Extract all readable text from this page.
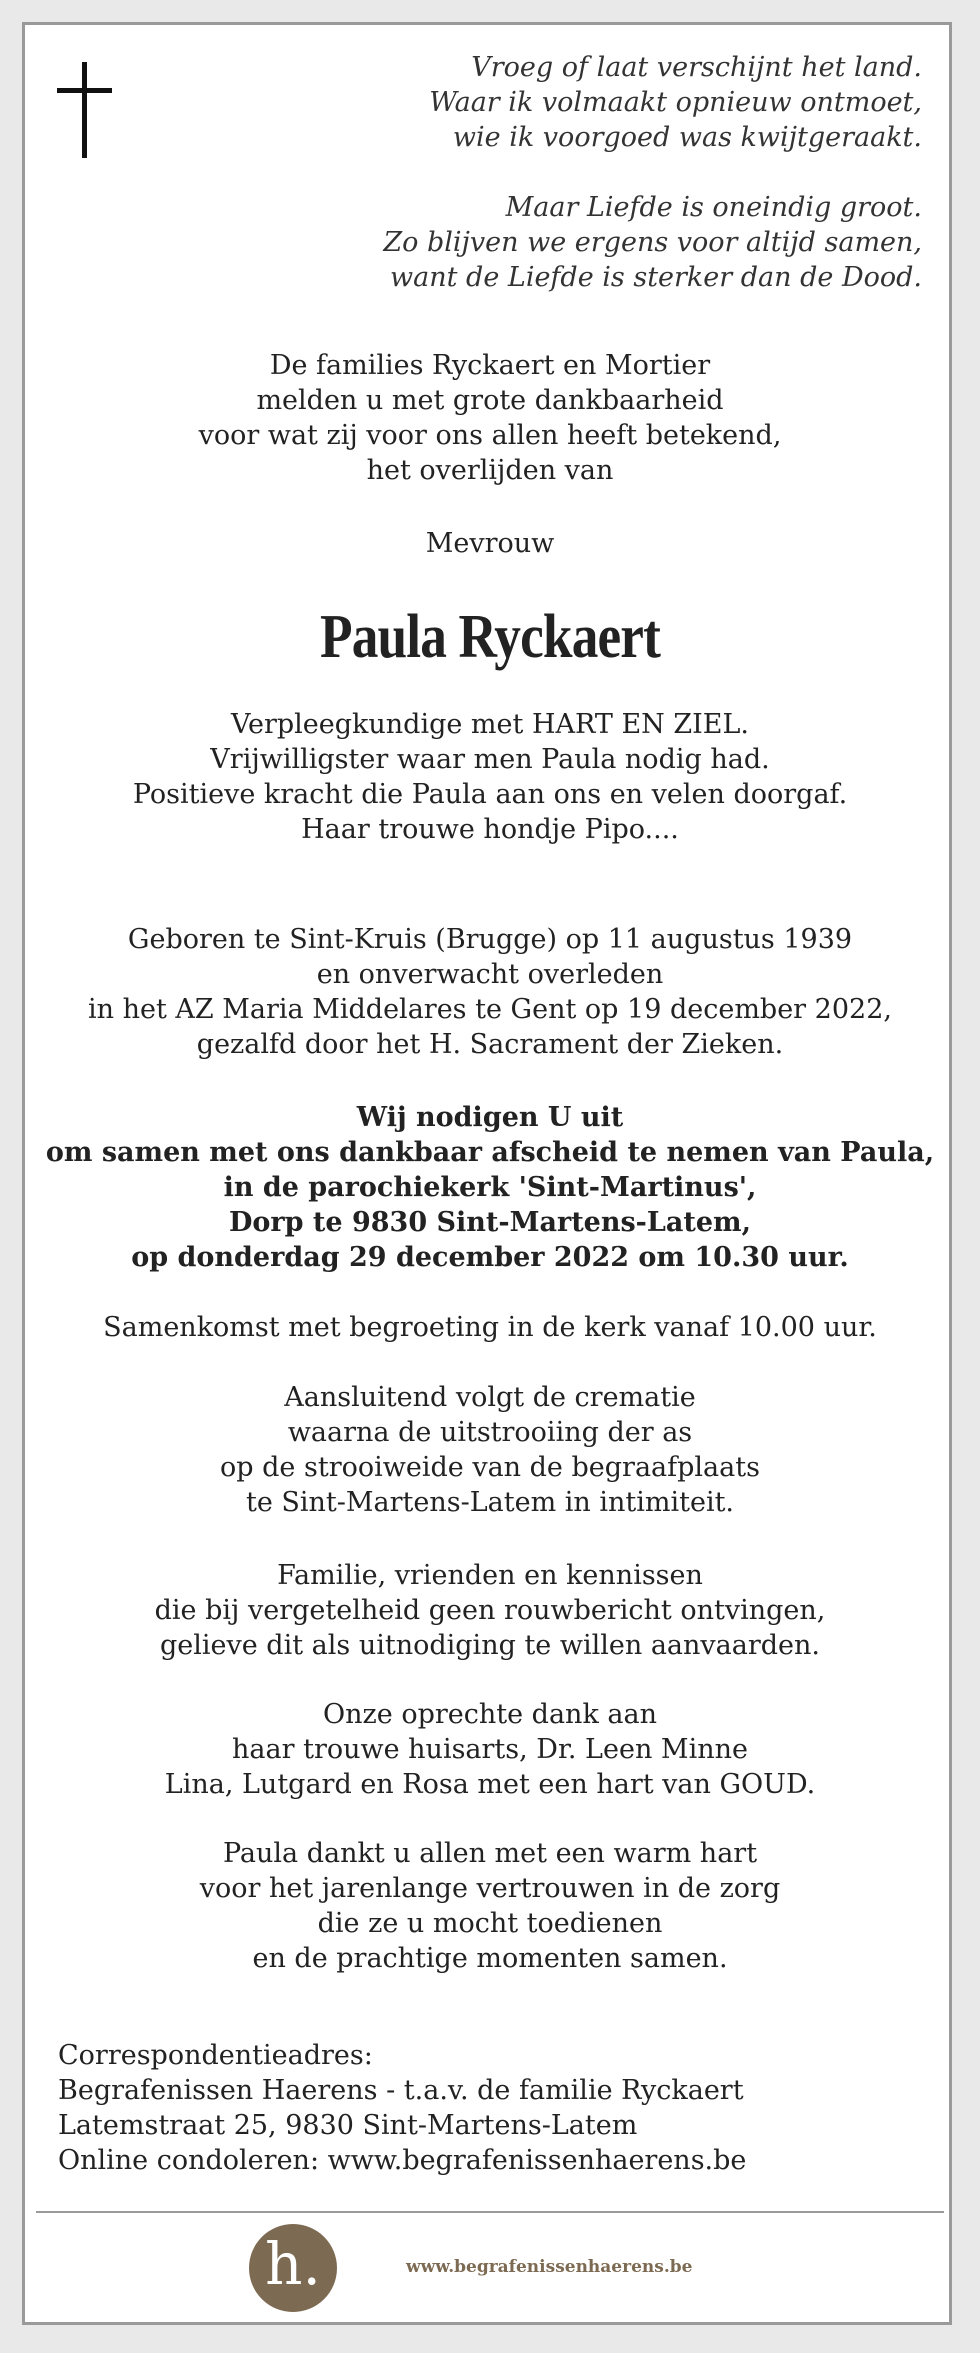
Vroeg of laat verschijnt het land.
Waar ik volmaakt opnieuw ontmoet,
wie ik voorgoed was kwijtgeraakt.
Maar Liefde is oneindig groot.
Zo blijven we ergens voor altijd samen,
want de Liefde is sterker dan de Dood.
De families Ryckaert en Mortier
melden u met grote dankbaarheid
voor wat zij voor ons allen heeft betekend,
het overlijden van
Mevrouw
Paula Ryckaert
Verpleegkundige met HART EN ZIEL.
Vrijwilligster waar men Paula nodig had.
Positieve kracht die Paula aan ons en velen doorgaf.
Haar trouwe hondje Pipo....
Geboren te Sint-Kruis (Brugge) op 11 augustus 1939
en onverwacht overleden
in het AZ Maria Middelares te Gent op 19 december 2022,
gezalfd door het H. Sacrament der Zieken.
Wij nodigen U uit
om samen met ons dankbaar afscheid te nemen van Paula,
in de parochiekerk 'Sint-Martinus',
Dorp te 9830 Sint-Martens-Latem,
op donderdag 29 december 2022 om 10.30 uur.
Samenkomst met begroeting in de kerk vanaf 10.00 uur.
Aansluitend volgt de crematie
waarna de uitstrooiing der as
op de strooiweide van de begraafplaats
te Sint-Martens-Latem in intimiteit.
Familie, vrienden en kennissen
die bij vergetelheid geen rouwbericht ontvingen,
gelieve dit als uitnodiging te willen aanvaarden.
Onze oprechte dank aan
haar trouwe huisarts, Dr. Leen Minne
Lina, Lutgard en Rosa met een hart van GOUD.
Paula dankt u allen met een warm hart
voor het jarenlange vertrouwen in de zorg
die ze u mocht toedienen
en de prachtige momenten samen.
Correspondentieadres:
Begrafenissen Haerens - t.a.v. de familie Ryckaert
Latemstraat 25, 9830 Sint-Martens-Latem
Online condoleren: www.begrafenissenhaerens.be
h.	www.begrafenissenhaerens.be
